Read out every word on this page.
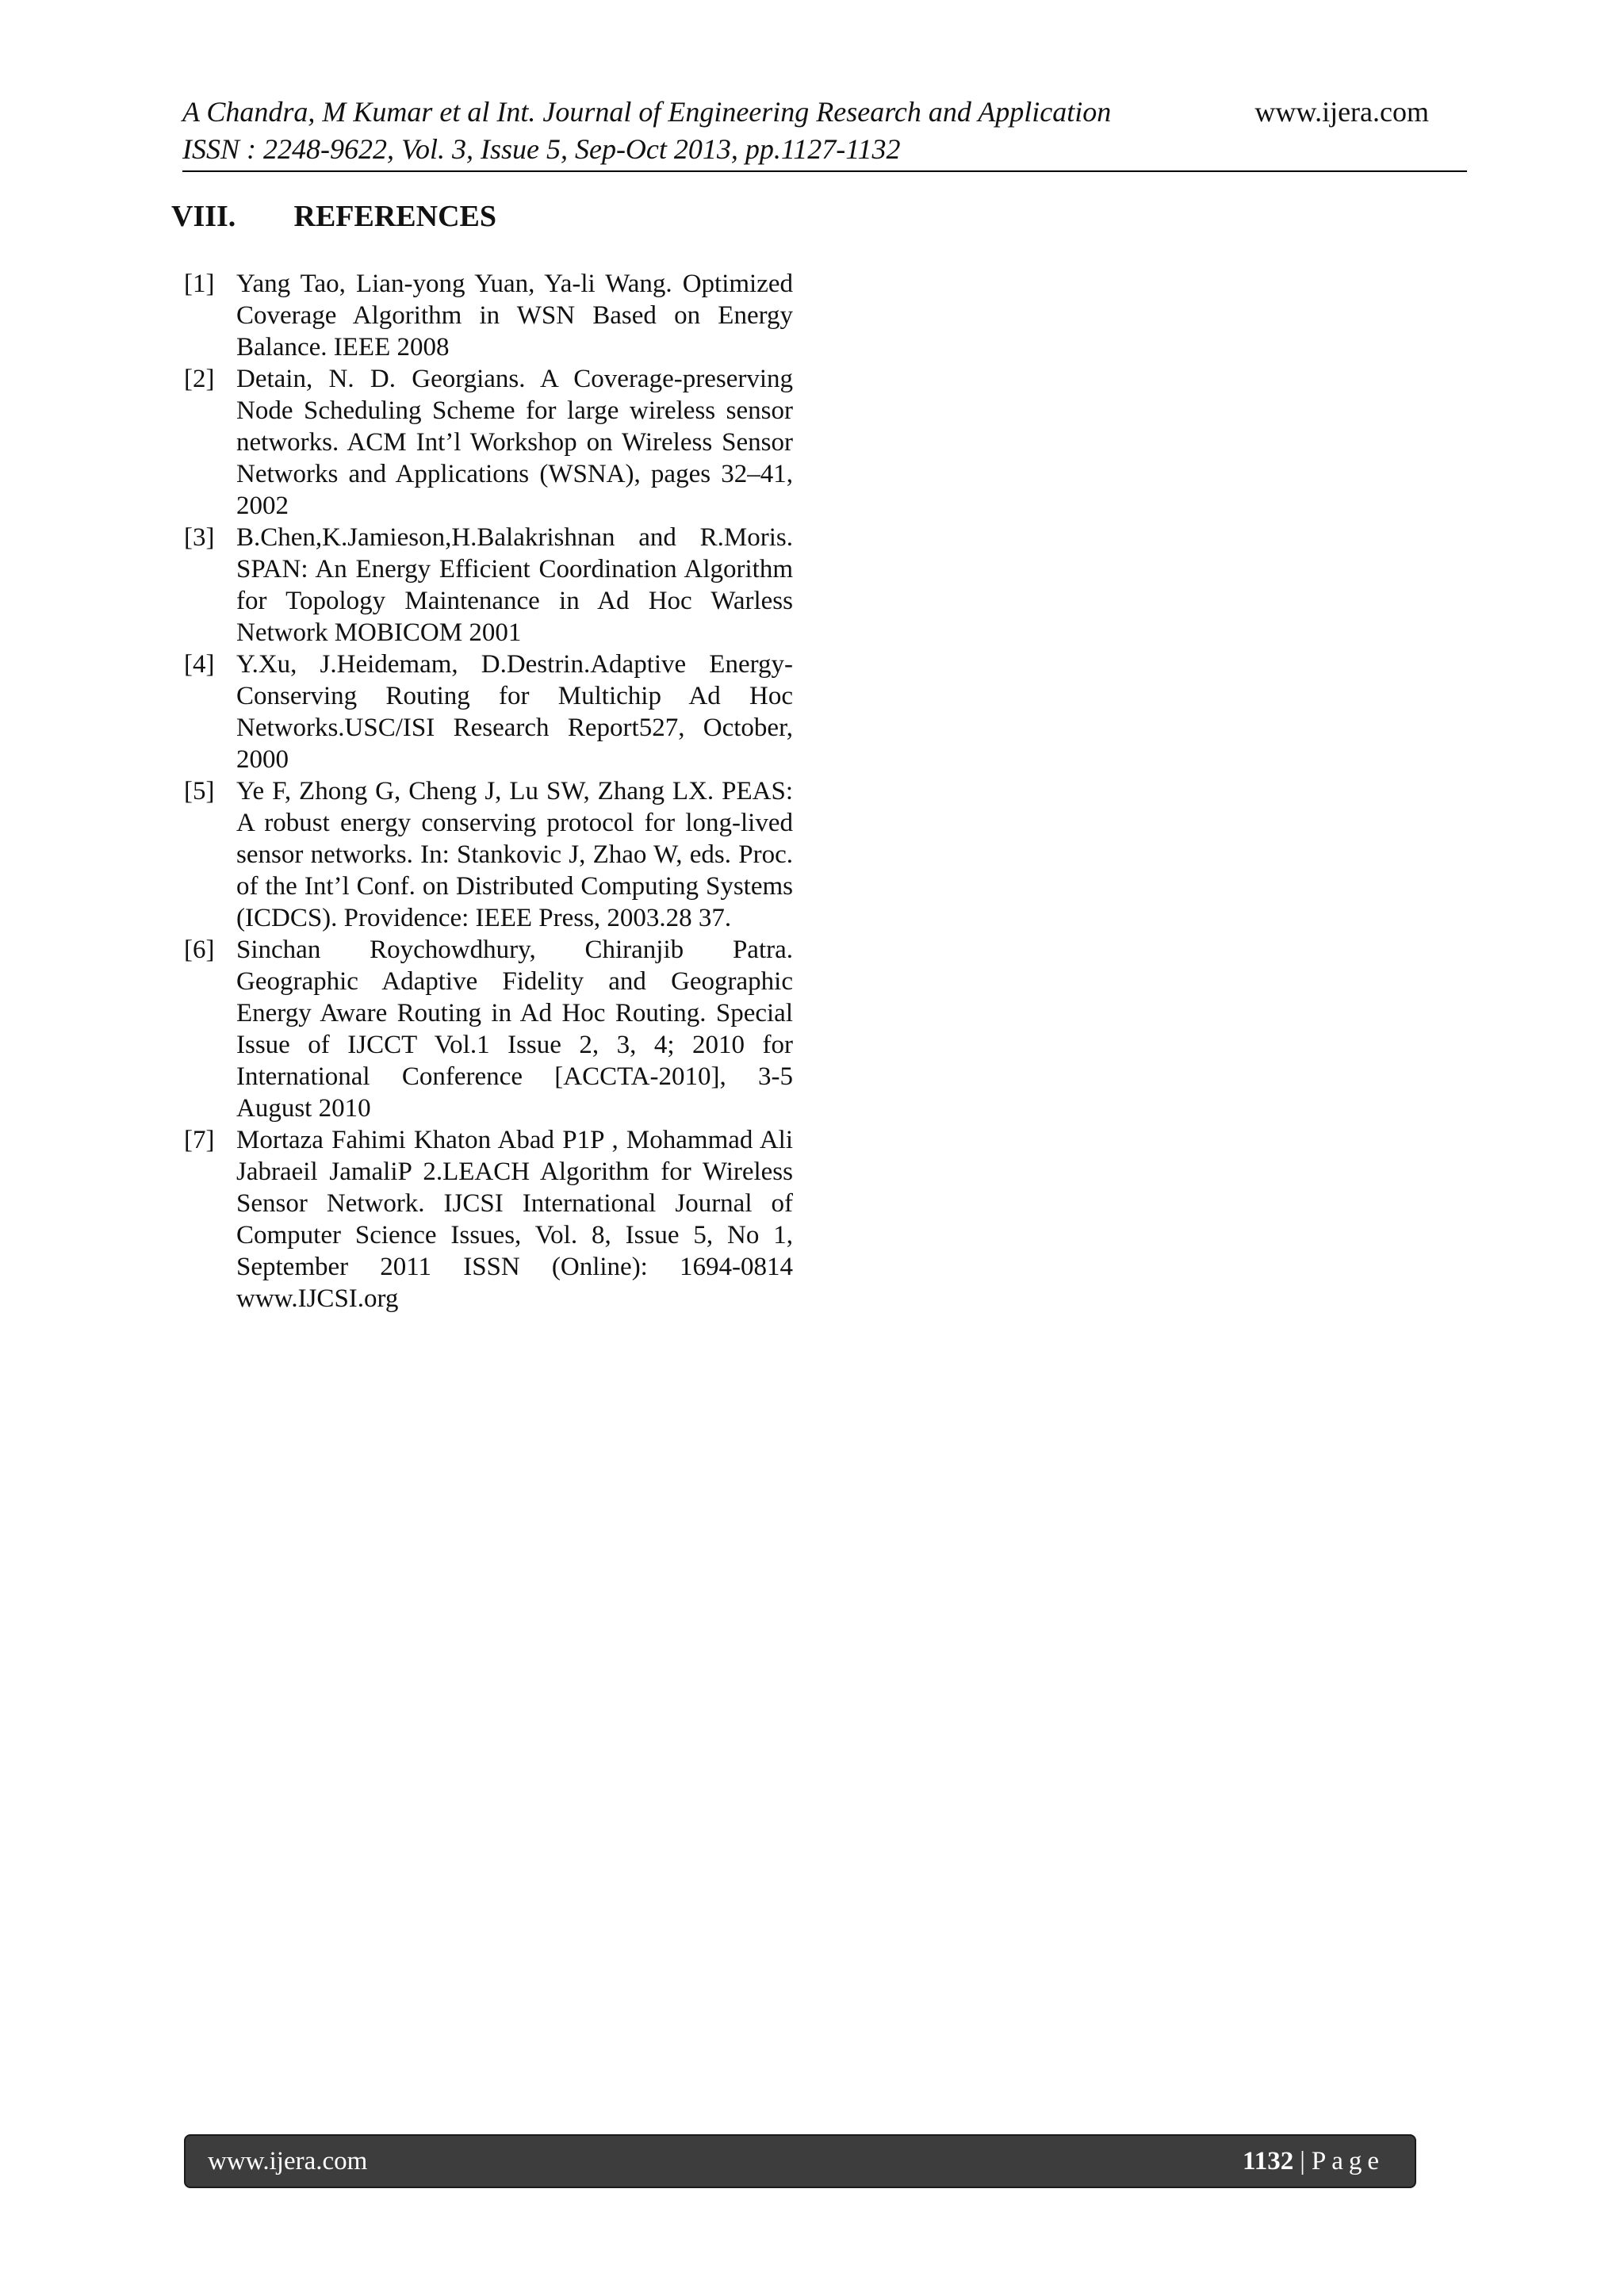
A Chandra, M Kumar et al Int. Journal of Engineering Research and Application	www.ijera.com
ISSN : 2248-9622, Vol. 3, Issue 5, Sep-Oct 2013, pp.1127-1132
VIII. REFERENCES
[1] Yang Tao, Lian-yong Yuan, Ya-li Wang. Optimized Coverage Algorithm in WSN Based on Energy Balance. IEEE 2008
[2] Detain, N. D. Georgians. A Coverage-preserving Node Scheduling Scheme for large wireless sensor networks. ACM Int’l Workshop on Wireless Sensor Networks and Applications (WSNA), pages 32–41, 2002
[3] B.Chen,K.Jamieson,H.Balakrishnan and R.Moris. SPAN: An Energy Efficient Coordination Algorithm for Topology Maintenance in Ad Hoc Warless Network MOBICOM 2001
[4] Y.Xu, J.Heidemam, D.Destrin.Adaptive Energy-Conserving Routing for Multichip Ad Hoc Networks.USC/ISI Research Report527, October, 2000
[5] Ye F, Zhong G, Cheng J, Lu SW, Zhang LX. PEAS: A robust energy conserving protocol for long-lived sensor networks. In: Stankovic J, Zhao W, eds. Proc. of the Int’l Conf. on Distributed Computing Systems (ICDCS). Providence: IEEE Press, 2003.28 37.
[6] Sinchan Roychowdhury, Chiranjib Patra. Geographic Adaptive Fidelity and Geographic Energy Aware Routing in Ad Hoc Routing. Special Issue of IJCCT Vol.1 Issue 2, 3, 4; 2010 for International Conference [ACCTA-2010], 3-5 August 2010
[7] Mortaza Fahimi Khaton Abad P1P , Mohammad Ali Jabraeil JamaliP 2.LEACH Algorithm for Wireless Sensor Network. IJCSI International Journal of Computer Science Issues, Vol. 8, Issue 5, No 1, September 2011 ISSN (Online): 1694-0814 www.IJCSI.org
www.ijera.com	1132 | Page
